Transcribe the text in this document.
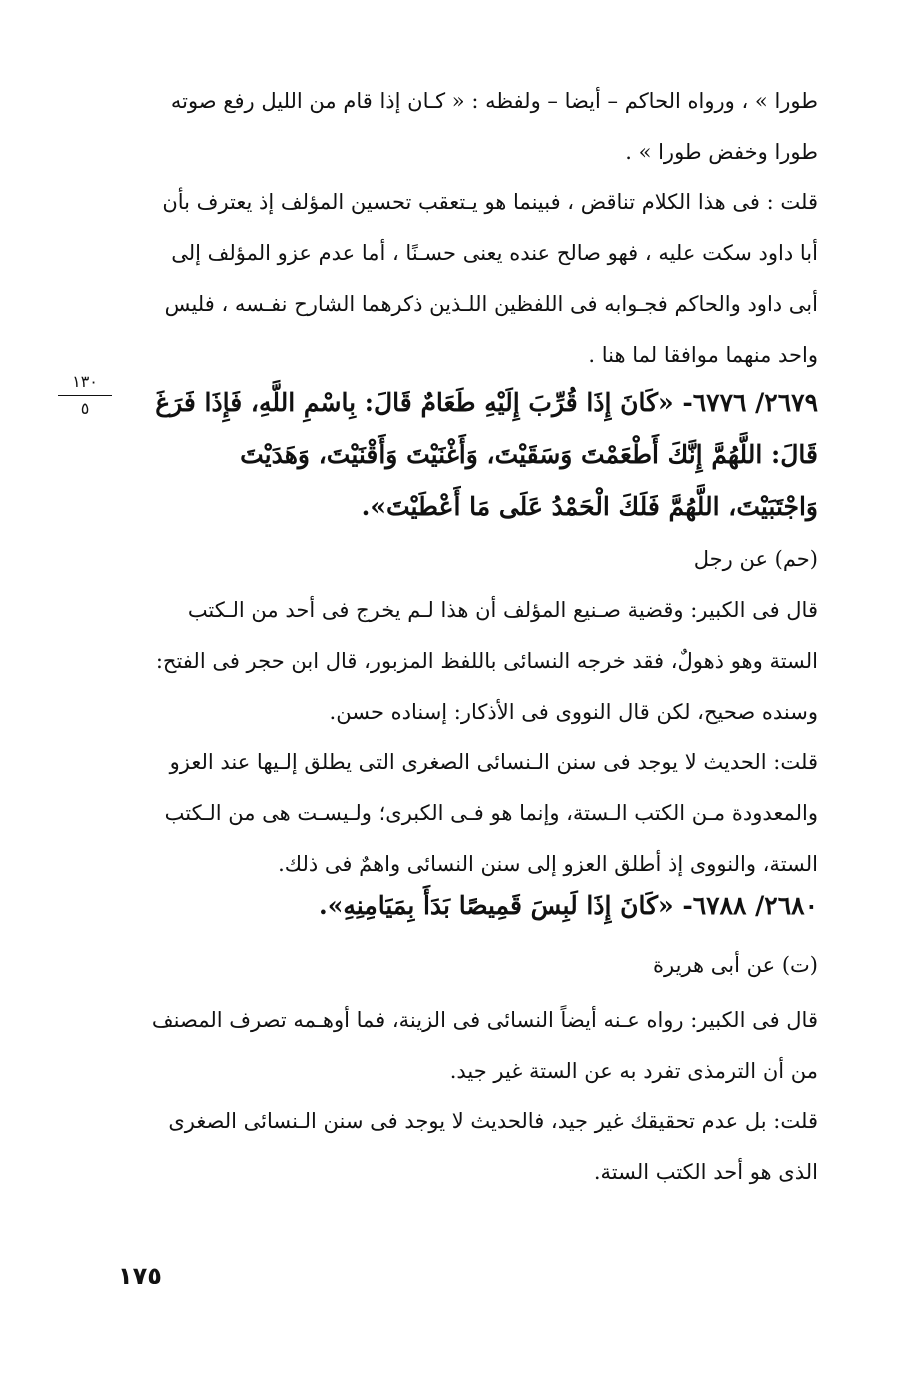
طورا » ، ورواه الحاكم – أيضا – ولفظه : « كـان إذا قام من الليل رفع صوته
طورا وخفض طورا » .

قلت : فى هذا الكلام تناقض ، فبينما هو يـتعقب تحسين المؤلف إذ يعترف بأن
أبا داود سكت عليه ، فهو صالح عنده يعنى حسـنًا ، أما عدم عزو المؤلف إلى
أبى داود والحاكم فجـوابه فى اللفظين اللـذين ذكرهما الشارح نفـسه ، فليس
واحد منهما موافقا لما هنا .

١٣٠
٥	٢٦٧٩/ ٦٧٧٦- «كَانَ إِذَا قُرِّبَ إِلَيْهِ طَعَامٌ قَالَ: بِاسْمِ اللَّهِ، فَإِذَا فَرَغَ
قَالَ: اللَّهُمَّ إِنَّكَ أَطْعَمْتَ وَسَقَيْتَ، وَأَغْنَيْتَ وَأَقْنَيْتَ، وَهَدَيْتَ
وَاجْتَبَيْتَ، اللَّهُمَّ فَلَكَ الْحَمْدُ عَلَى مَا أَعْطَيْتَ».

(حم) عن رجل

قال فى الكبير: وقضية صـنيع المؤلف أن هذا لـم يخرج فى أحد من الـكتب
الستة وهو ذهولٌ، فقد خرجه النسائى باللفظ المزبور، قال ابن حجر فى الفتح:
وسنده صحيح، لكن قال النووى فى الأذكار: إسناده حسن.

قلت: الحديث لا يوجد فى سنن الـنسائى الصغرى التى يطلق إلـيها عند العزو
والمعدودة مـن الكتب الـستة، وإنما هو فـى الكبرى؛ ولـيسـت هى من الـكتب
الستة، والنووى إذ أطلق العزو إلى سنن النسائى واهمٌ فى ذلك.

٢٦٨٠/ ٦٧٨٨- «كَانَ إِذَا لَبِسَ قَمِيصًا بَدَأَ بِمَيَامِنِهِ».

(ت) عن أبى هريرة

قال فى الكبير: رواه عـنه أيضاً النسائى فى الزينة، فما أوهـمه تصرف المصنف
من أن الترمذى تفرد به عن الستة غير جيد.

قلت: بل عدم تحقيقك غير جيد، فالحديث لا يوجد فى سنن الـنسائى الصغرى
الذى هو أحد الكتب الستة.

١٧٥
